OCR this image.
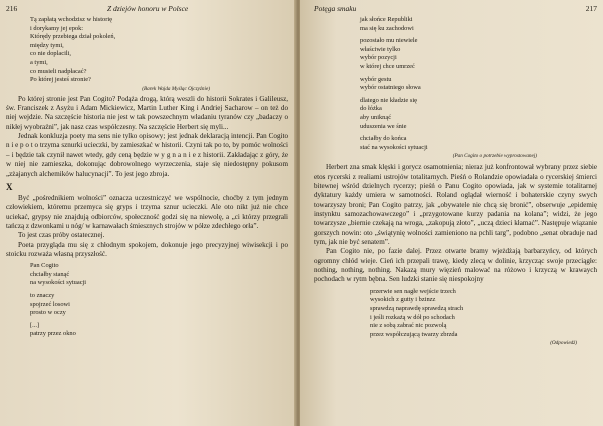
216	Z dziejów honoru w Polsce
Tą zapłatą wchodzisz w historię
i dorykamy jej epok:
Którędy przebiega dział pokoleń,
między tymi,
co nie doplacili,
a tymi,
co musieli nadpłacać?
Po której jesteś stronie?
(Barek Wajda Myśląc Ojczyźnie)

Po której stronie jest Pan Cogito? Podąża drogą, którą weszli do historii Sokrates i Galileusz, św. Franciszek z Asyżu i Adam Mickiewicz, Martin Luther King i Andriej Sacharow – on też do niej wejdzie. Na szczęście historia nie jest w tak powszechnym władaniu tyranów czy „badaczy o nikłej wyobraźni”, jak nasz czas współczesny. Na szczęście Herbert się myli...

Jednak konkluzja poety ma sens nie tylko opisowy; jest jednak deklaracją intencji. Pan Cogito n i e p o t o trzyma sznurki ucieczki, by zamieszkać w historii. Czyni tak po to, by pomóc wolności – i będzie tak czynił nawet wtedy, gdy ceną będzie w y g n a n i e z historii. Zakładając z góry, że w niej nie zamieszka, dokonując dobrowolnego wyrzeczenia, staje się niedostępny pokusom „zżajanych alchemików halucynacji”. To jest jego zbroja.

X

Być „pośrednikiem wolności” oznacza uczestniczyć we wspólnocie, choćby z tym jednym człowiekiem, któremu przemyca się gryps i trzyma sznur ucieczki. Ale oto nikt już nie chce uciekać, grypsy nie znajdują odbiorców, społeczność godzi się na niewolę, a „ci którzy przegrali tańczą z dzwonkami u nóg/ w karnawałach śmiesznych strojów w półze zdechłego orła”.

To jest czas próby ostatecznej.

Poeta przygląda mu się z chłodnym spokojem, dokonuje jego precyzyjnej wiwisekcji i po stoicku rozważa własną przyszłość.

Pan Cogito
chciałby stanąć
na wysokości sytuacji
to znaczy
spojrzeć losowi
prosto w oczy
[...]
patrzy przez okno
Potęga smaku	217
jak słońce Republiki
ma się ku zachodowi
pozostało mu niewiele
właściwie tylko
wybór pozycji
w której chce umrzeć
wybór gestu
wybór ostatniego słowa
dlatego nie kładzie się
do łóżka
aby uniknąć
uduszenia we śnie
chciałby do końca
stać na wysokości sytuacji
(Pan Cogito o potrzebie wyprostowanej)

Herbert zna smak klęski i gorycz osamotnienia; nieraz już konfrontował wybrany przez siebie etos rycerski z realiami ustrojów totalitarnych. Pieśń o Rolandzie opowiadała o rycerskiej śmierci bitewnej wśród dzielnych rycerzy; pieśń o Panu Cogito opowiada, jak w systemie totalitarnej dyktatury każdy umiera w samotności. Roland oglądał wierność i bohaterskie czyny swych towarzyszy broni; Pan Cogito patrzy, jak „obywatele nie chcą się bronić”, obserwuje „epidemię instynktu samozachowawczego” i „przygotowane kurzy padania na kolana”; widzi, że jego towarzysze „biernie czekają na wroga, „zakopują złoto”, „uczą dzieci kłamać”. Następuje wiązanie gorszych nowin: oto „świątynię wolności zamieniono na pchli targ”, podobno „senat obraduje nad tym, jak nie być senatem”.

Pan Cogito nie, po fazie dalej. Przez otwarte bramy wjeżdżają barbarzyńcy, od których ogromny chłód wieje. Cień ich przepali trawę, kiedy zlecą w dolinie, krzycząc swoje przeciągłe: nothing, nothing, nothing. Nakazą mury więzień malować na różowo i krzyczą w krawaych pochodach w rytm bębna. Sen ludzki stanie się niespokojny

przerwie sen nagłe wejście trzech
wysokich z gutty i bzinzz
sprawdzą naprawdę sprawdzą strach
i jeśli rozkażą w dół po schodach
nie z sobą zabrać nic pozwolą
przez współczującą twarzy zbrzda
(Odpowiedź)
